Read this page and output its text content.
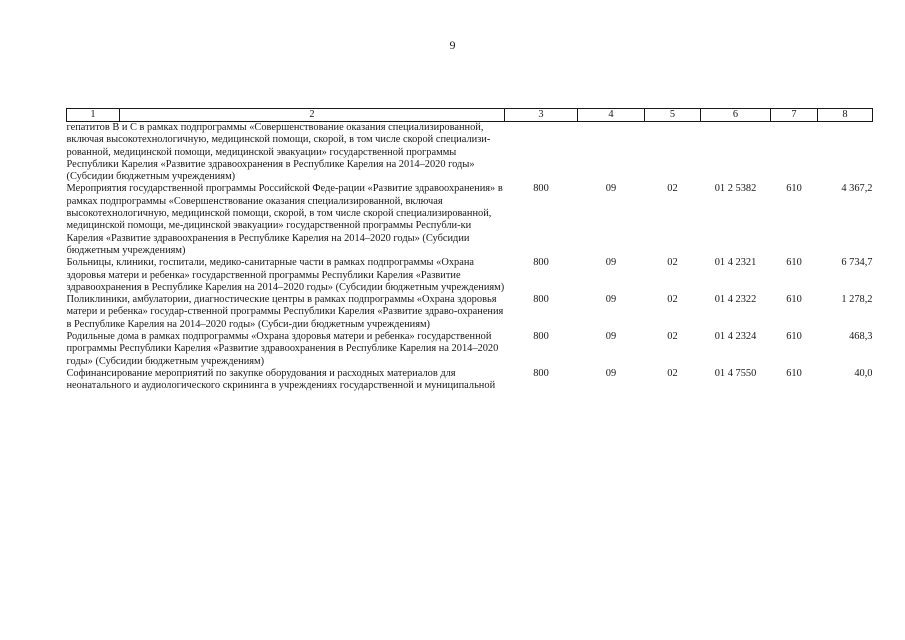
9
1	2	3	4	5	6	7	8
гепатитов В и С в рамках подпрограммы «Совершенствование оказания специализированной, включая высокотехнологичную, медицинской помощи, скорой, в том числе скорой специализи-рованной, медицинской помощи, медицинской эвакуации» государственной программы Республики Карелия «Развитие здравоохранения в Республике Карелия на 2014–2020 годы» (Субсидии бюджетным учреждениям)							
Мероприятия государственной программы Российской Феде-рации «Развитие здравоохранения» в рамках подпрограммы «Совершенствование оказания специализированной, включая высокотехнологичную, медицинской помощи, скорой, в том числе скорой специализированной, медицинской помощи, ме-дицинской эвакуации» государственной программы Республи-ки Карелия «Развитие здравоохранения в Республике Карелия на 2014–2020 годы» (Субсидии бюджетным учреждениям)		800	09	02	01 2 5382	610	4 367,2
Больницы, клиники, госпитали, медико-санитарные части в рамках подпрограммы «Охрана здоровья матери и ребенка» государственной программы Республики Карелия «Развитие здравоохранения в Республике Карелия на 2014–2020 годы» (Субсидии бюджетным учреждениям)		800	09	02	01 4 2321	610	6 734,7
Поликлиники, амбулатории, диагностические центры в рамках подпрограммы «Охрана здоровья матери и ребенка» государ-ственной программы Республики Карелия «Развитие здраво-охранения в Республике Карелия на 2014–2020 годы» (Субси-дии бюджетным учреждениям)		800	09	02	01 4 2322	610	1 278,2
Родильные дома в рамках подпрограммы «Охрана здоровья матери и ребенка» государственной программы Республики Карелия «Развитие здравоохранения в Республике Карелия на 2014–2020 годы» (Субсидии бюджетным учреждениям)		800	09	02	01 4 2324	610	468,3
Софинансирование мероприятий по закупке оборудования и расходных материалов для неонатального и аудиологического скрининга в учреждениях государственной и муниципальной		800	09	02	01 4 7550	610	40,0
